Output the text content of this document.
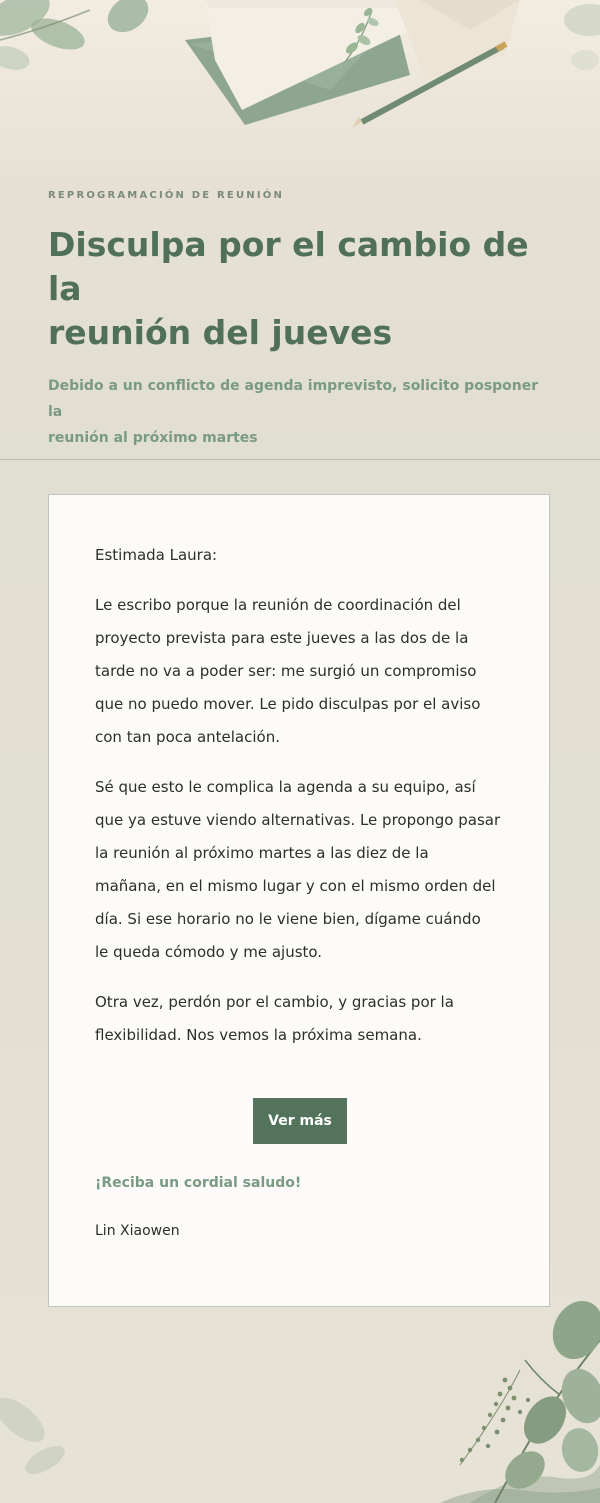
REPROGRAMACIÓN DE REUNIÓN

Disculpa por el cambio de la
reunión del jueves

Debido a un conflicto de agenda imprevisto, solicito posponer la
reunión al próximo martes

Estimada Laura:

Le escribo porque la reunión de coordinación del
proyecto prevista para este jueves a las dos de la
tarde no va a poder ser: me surgió un compromiso
que no puedo mover. Le pido disculpas por el aviso
con tan poca antelación.

Sé que esto le complica la agenda a su equipo, así
que ya estuve viendo alternativas. Le propongo pasar
la reunión al próximo martes a las diez de la
mañana, en el mismo lugar y con el mismo orden del
día. Si ese horario no le viene bien, dígame cuándo
le queda cómodo y me ajusto.

Otra vez, perdón por el cambio, y gracias por la
flexibilidad. Nos vemos la próxima semana.

Ver más

¡Reciba un cordial saludo!

Lin Xiaowen
